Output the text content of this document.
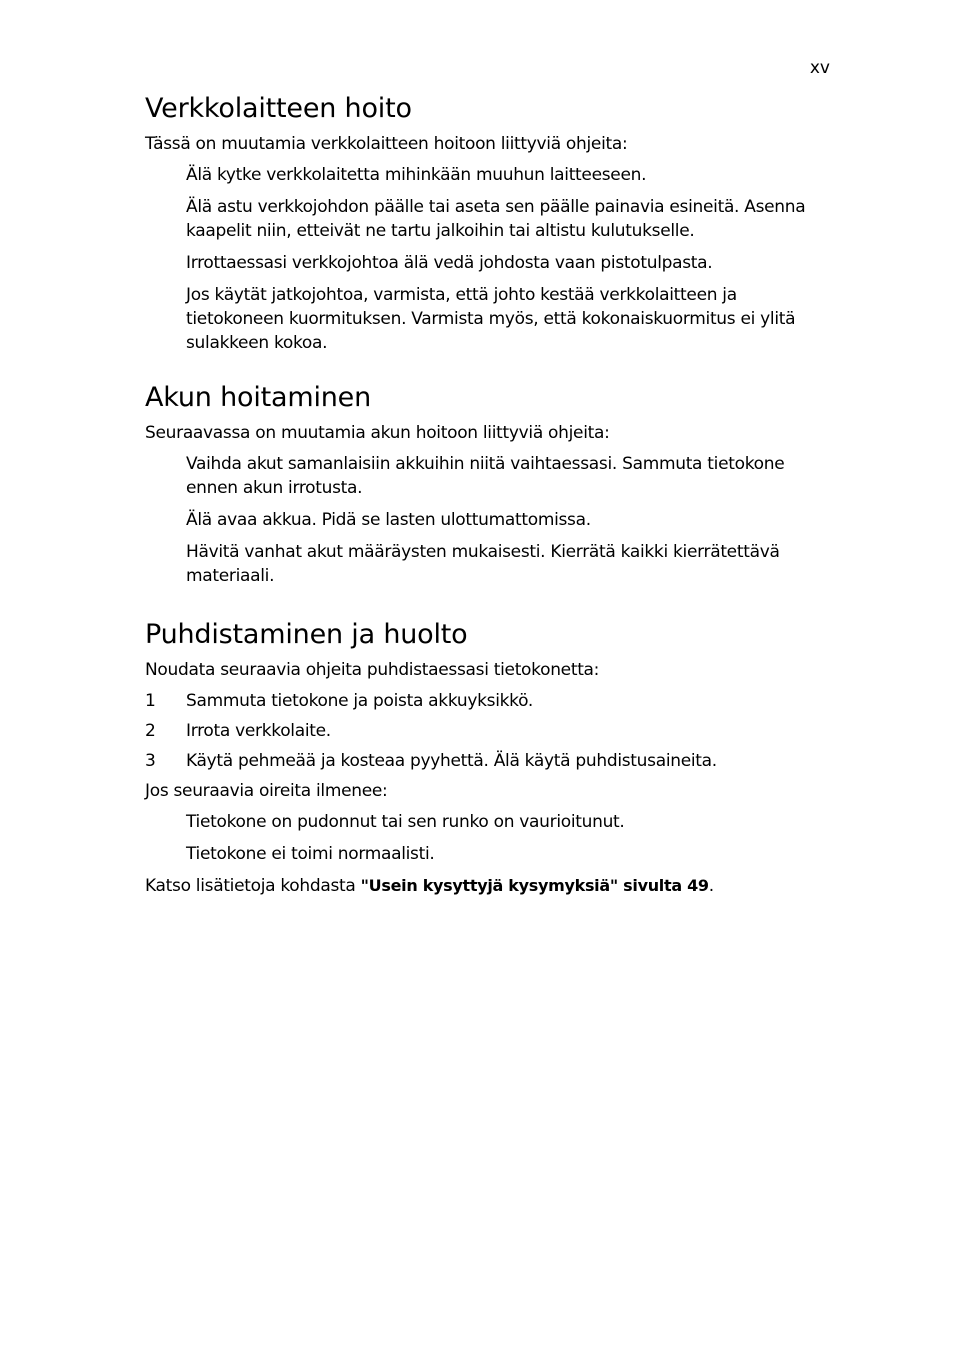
xv
Verkkolaitteen hoito

Tässä on muutamia verkkolaitteen hoitoon liittyviä ohjeita:

Älä kytke verkkolaitetta mihinkään muuhun laitteeseen.

Älä astu verkkojohdon päälle tai aseta sen päälle painavia esineitä. Asenna kaapelit niin, etteivät ne tartu jalkoihin tai altistu kulutukselle.

Irrottaessasi verkkojohtoa älä vedä johdosta vaan pistotulpasta.

Jos käytät jatkojohtoa, varmista, että johto kestää verkkolaitteen ja tietokoneen kuormituksen. Varmista myös, että kokonaiskuormitus ei ylitä sulakkeen kokoa.

Akun hoitaminen

Seuraavassa on muutamia akun hoitoon liittyviä ohjeita:

Vaihda akut samanlaisiin akkuihin niitä vaihtaessasi. Sammuta tietokone ennen akun irrotusta.

Älä avaa akkua. Pidä se lasten ulottumattomissa.

Hävitä vanhat akut määräysten mukaisesti. Kierrätä kaikki kierrätettävä materiaali.

Puhdistaminen ja huolto

Noudata seuraavia ohjeita puhdistaessasi tietokonetta:

1	Sammuta tietokone ja poista akkuyksikkö.
2	Irrota verkkolaite.
3	Käytä pehmeää ja kosteaa pyyhettä. Älä käytä puhdistusaineita.

Jos seuraavia oireita ilmenee:

Tietokone on pudonnut tai sen runko on vaurioitunut.

Tietokone ei toimi normaalisti.

Katso lisätietoja kohdasta "Usein kysyttyjä kysymyksiä" sivulta 49.
